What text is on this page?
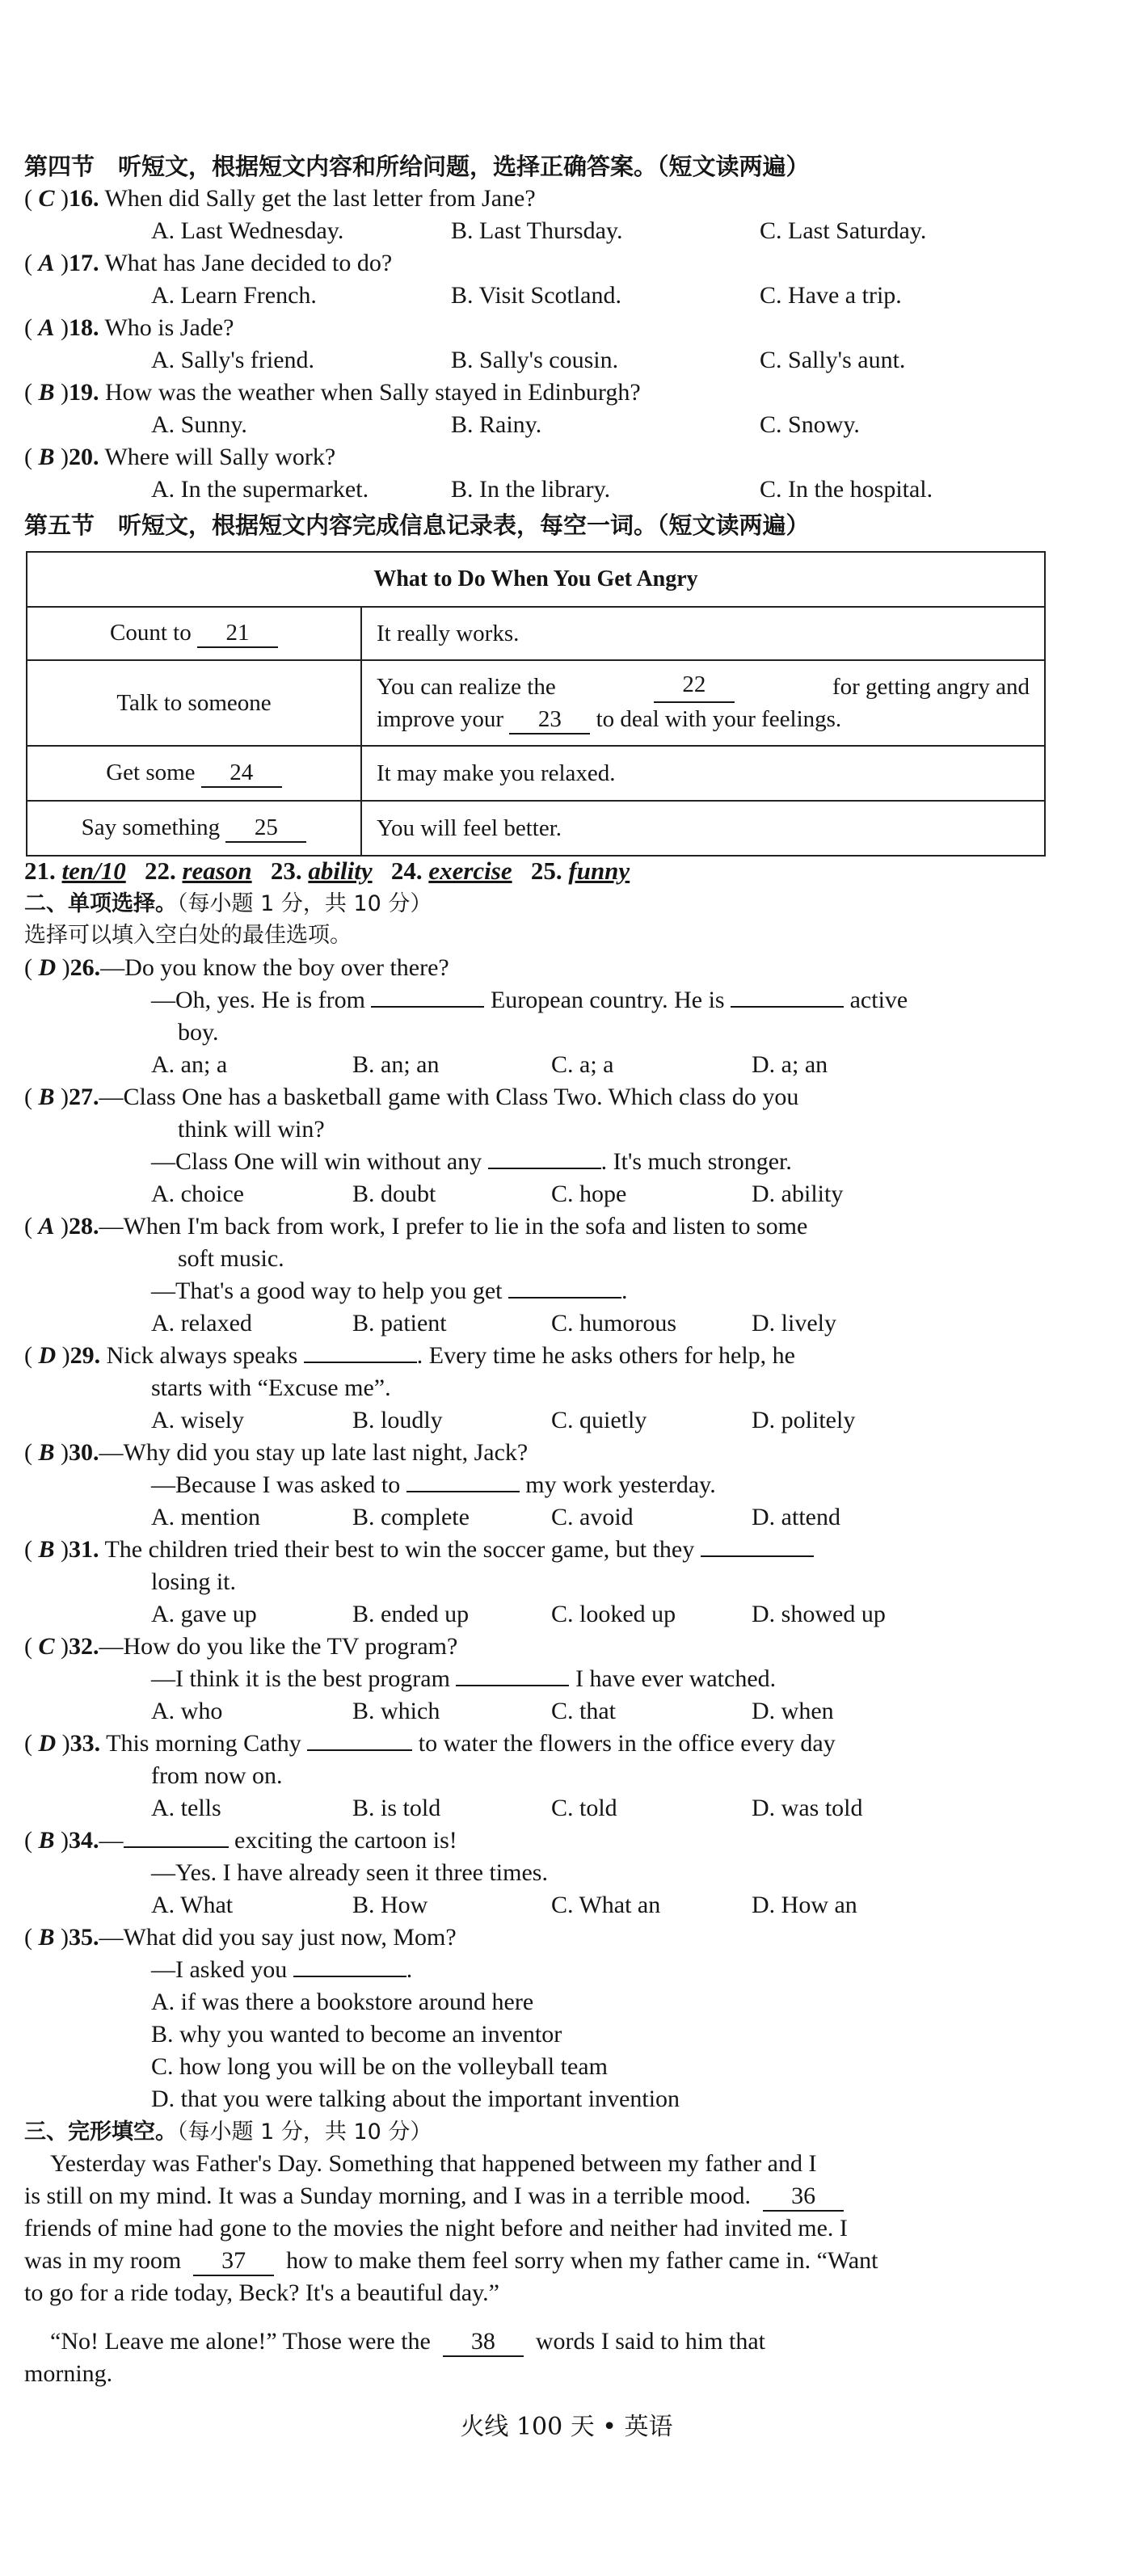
第四节　听短文，根据短文内容和所给问题，选择正确答案。（短文读两遍）
( C )16. When did Sally get the last letter from Jane?
A. Last Wednesday.	B. Last Thursday.	C. Last Saturday.
( A )17. What has Jane decided to do?
A. Learn French.	B. Visit Scotland.	C. Have a trip.
( A )18. Who is Jade?
A. Sally's friend.	B. Sally's cousin.	C. Sally's aunt.
( B )19. How was the weather when Sally stayed in Edinburgh?
A. Sunny.	B. Rainy.	C. Snowy.
( B )20. Where will Sally work?
A. In the supermarket.	B. In the library.	C. In the hospital.
第五节　听短文，根据短文内容完成信息记录表，每空一词。（短文读两遍）
What to Do When You Get Angry	
Count to 21	It really works.
Talk to someone	You can realize the 22 for getting angry and
improve your 23 to deal with your feelings.

Get some 24	It may make you relaxed.
Say something 25	You will feel better.
21. ten/10 22. reason 23. ability 24. exercise 25. funny
二、单项选择。（每小题 1 分，共 10 分）
选择可以填入空白处的最佳选项。
( D )26.—Do you know the boy over there?
—Oh, yes. He is from	European country. He is	active
boy.
A. an; a	B. an; an	C. a; a	D. a; an
( B )27.—Class One has a basketball game with Class Two. Which class do you
think will win?
—Class One will win without any	. It's much stronger.
A. choice	B. doubt	C. hope	D. ability
( A )28.—When I'm back from work, I prefer to lie in the sofa and listen to some
soft music.
—That's a good way to help you get	.
A. relaxed	B. patient	C. humorous	D. lively
( D )29. Nick always speaks	. Every time he asks others for help, he
starts with “Excuse me”.
A. wisely	B. loudly	C. quietly	D. politely
( B )30.—Why did you stay up late last night, Jack?
—Because I was asked to	my work yesterday.
A. mention	B. complete	C. avoid	D. attend
( B )31. The children tried their best to win the soccer game, but they
losing it.
A. gave up	B. ended up	C. looked up	D. showed up
( C )32.—How do you like the TV program?
—I think it is the best program	I have ever watched.
A. who	B. which	C. that	D. when
( D )33. This morning Cathy	to water the flowers in the office every day
from now on.
A. tells	B. is told	C. told	D. was told
( B )34.—	exciting the cartoon is!
—Yes. I have already seen it three times.
A. What	B. How	C. What an	D. How an
( B )35.—What did you say just now, Mom?
—I asked you	.
A. if was there a bookstore around here
B. why you wanted to become an inventor
C. how long you will be on the volleyball team
D. that you were talking about the important invention
三、完形填空。（每小题 1 分，共 10 分）
Yesterday was Father's Day. Something that happened between my father and I
is still on my mind. It was a Sunday morning, and I was in a terrible mood. 36
friends of mine had gone to the movies the night before and neither had invited me. I
was in my room 37 how to make them feel sorry when my father came in. “Want
to go for a ride today, Beck? It's a beautiful day.”
“No! Leave me alone!” Those were the 38 words I said to him that
morning.
火线 100 天 • 英语
